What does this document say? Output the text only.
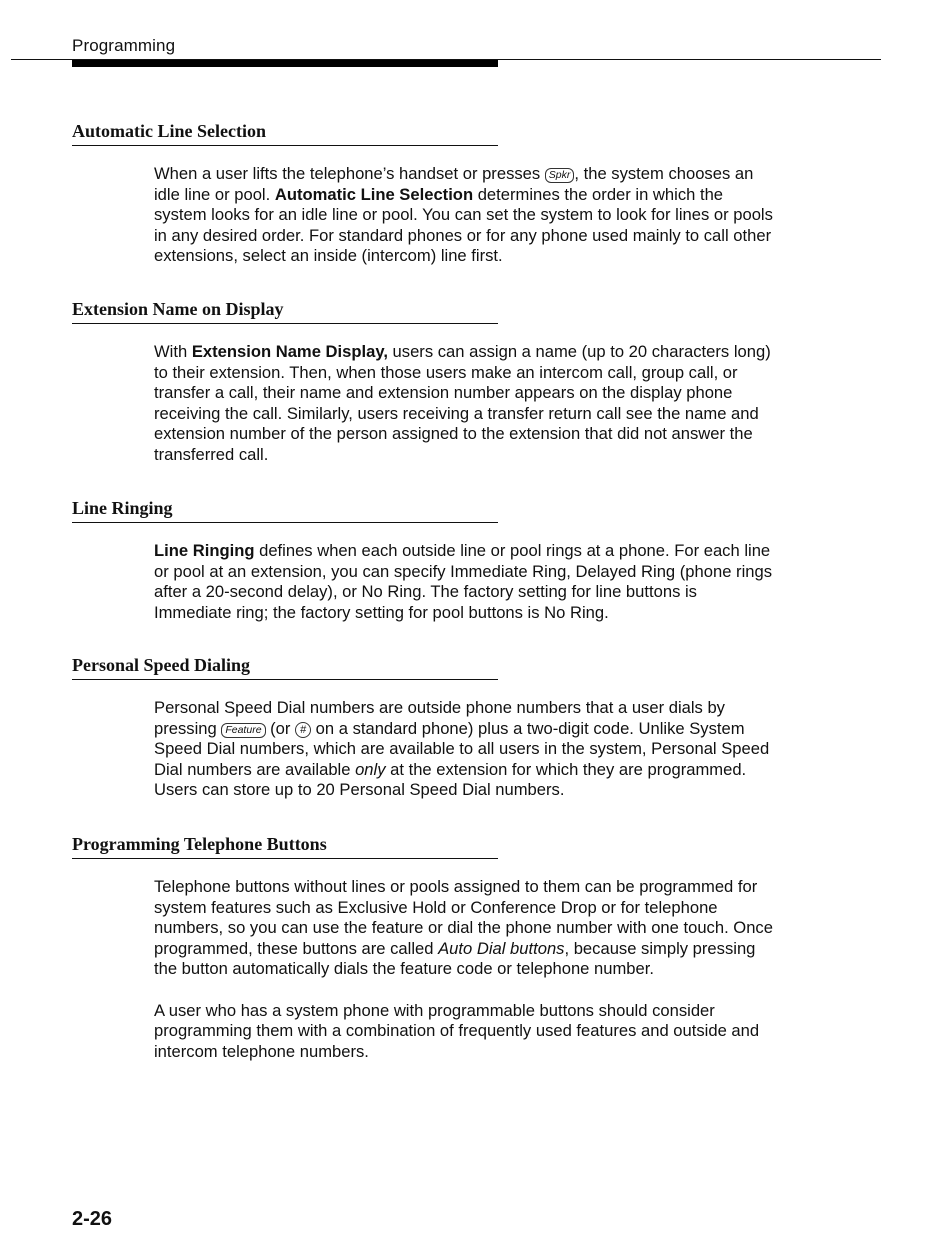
Programming
Automatic Line Selection

When a user lifts the telephone’s handset or presses Spkr , the system chooses an idle line or pool. Automatic Line Selection determines the order in which the system looks for an idle line or pool. You can set the system to look for lines or pools in any desired order. For standard phones or for any phone used mainly to call other extensions, select an inside (intercom) line first.

Extension Name on Display

With Extension Name Display, users can assign a name (up to 20 characters long) to their extension. Then, when those users make an intercom call, group call, or transfer a call, their name and extension number appears on the display phone receiving the call. Similarly, users receiving a transfer return call see the name and extension number of the person assigned to the extension that did not answer the transferred call.

Line Ringing

Line Ringing defines when each outside line or pool rings at a phone. For each line or pool at an extension, you can specify Immediate Ring, Delayed Ring (phone rings after a 20-second delay), or No Ring. The factory setting for line buttons is Immediate ring; the factory setting for pool buttons is No Ring.

Personal Speed Dialing

Personal Speed Dial numbers are outside phone numbers that a user dials by pressing Feature (or # on a standard phone) plus a two-digit code. Unlike System Speed Dial numbers, which are available to all users in the system, Personal Speed Dial numbers are available only at the extension for which they are programmed. Users can store up to 20 Personal Speed Dial numbers.

Programming Telephone Buttons

Telephone buttons without lines or pools assigned to them can be programmed for system features such as Exclusive Hold or Conference Drop or for telephone numbers, so you can use the feature or dial the phone number with one touch. Once programmed, these buttons are called Auto Dial buttons, because simply pressing the button automatically dials the feature code or telephone number.

A user who has a system phone with programmable buttons should consider programming them with a combination of frequently used features and outside and intercom telephone numbers.

2-26
